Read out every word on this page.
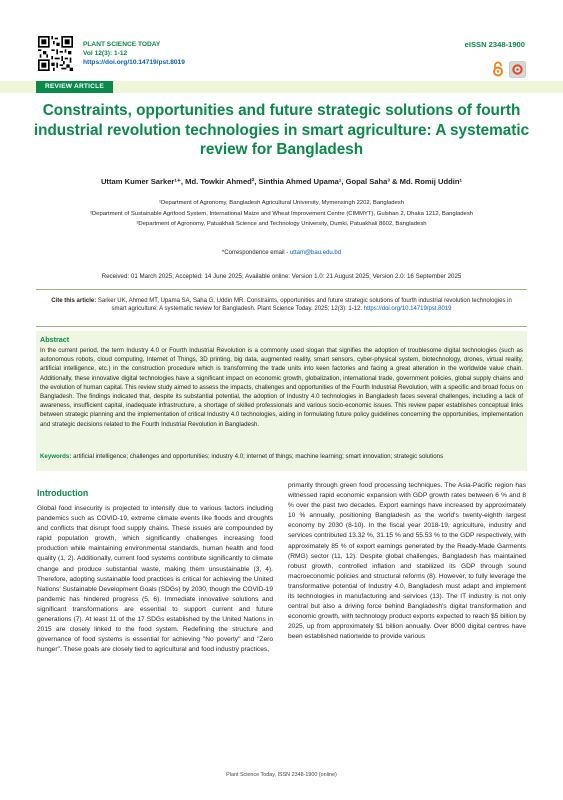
PLANT SCIENCE TODAY
Vol 12(3): 1-12
https://doi.org/10.14719/pst.8019
eISSN 2348-1900
REVIEW ARTICLE
Constraints, opportunities and future strategic solutions of fourth industrial revolution technologies in smart agriculture: A systematic review for Bangladesh
Uttam Kumer Sarker¹⁺, Md. Towkir Ahmed², Sinthia Ahmed Upama¹, Gopal Saha³ & Md. Romij Uddin¹
¹Department of Agronomy, Bangladesh Agricultural University, Mymensingh 2202, Bangladesh
²Department of Sustainable Agrifood System, International Maize and Wheat Improvement Centre (CIMMYT), Gulshan 2, Dhaka 1212, Bangladesh
³Department of Agronomy, Patuakhali Science and Technology University, Dumki, Patuakhali 8602, Bangladesh
*Correspondence email - uttam@bau.edu.bd
Received: 01 March 2025; Accepted: 14 June 2025; Available online: Version 1.0: 21 August 2025; Version 2.0: 16 September 2025
Cite this article: Sarker UK, Ahmed MT, Upama SA, Saha G, Uddin MR. Constraints, opportunities and future strategic solutions of fourth industrial revolution technologies in smart agriculture: A systematic review for Bangladesh. Plant Science Today. 2025; 12(3): 1-12. https://doi.org/10.14719/pst.8019
Abstract
In the current period, the term Industry 4.0 or Fourth Industrial Revolution is a commonly used slogan that signifies the adoption of troublesome digital technologies (such as autonomous robots, cloud computing, Internet of Things, 3D printing, big data, augmented reality, smart sensors, cyber-physical system, biotechnology, drones, virtual reality, artificial intelligence, etc.) in the construction procedure which is transforming the trade units into keen factories and facing a great alteration in the worldwide value chain. Additionally, these innovative digital technologies have a significant impact on economic growth, globalization, international trade, government policies, global supply chains and the evolution of human capital. This review study aimed to assess the impacts, challenges and opportunities of the Fourth Industrial Revolution, with a specific and broad focus on Bangladesh. The findings indicated that, despite its substantial potential, the adoption of Industry 4.0 technologies in Bangladesh faces several challenges, including a lack of awareness, insufficient capital, inadequate infrastructure, a shortage of skilled professionals and various socio-economic issues. This review paper establishes conceptual links between strategic planning and the implementation of critical Industry 4.0 technologies, aiding in formulating future policy guidelines concerning the opportunities, implementation and strategic decisions related to the Fourth Industrial Revolution in Bangladesh.
Keywords: artificial intelligence; challenges and opportunities; industry 4.0; internet of things; machine learning; smart innovation; strategic solutions
Introduction
Global food insecurity is projected to intensify due to various factors including pandemics such as COVID-19, extreme climate events like floods and droughts and conflicts that disrupt food supply chains. These issues are compounded by rapid population growth, which significantly challenges increasing food production while maintaining environmental standards, human health and food quality (1, 2). Additionally, current food systems contribute significantly to climate change and produce substantial waste, making them unsustainable (3, 4). Therefore, adopting sustainable food practices is critical for achieving the United Nations' Sustainable Development Goals (SDGs) by 2030, though the COVID-19 pandemic has hindered progress (5, 6). Immediate innovative solutions and significant transformations are essential to support current and future generations (7). At least 11 of the 17 SDGs established by the United Nations in 2015 are closely linked to the food system. Redefining the structure and governance of food systems is essential for achieving "No poverty" and "Zero hunger". These goals are closely tied to agricultural and food industry practices,
primarily through green food processing techniques. The Asia-Pacific region has witnessed rapid economic expansion with GDP growth rates between 6 % and 8 % over the past two decades. Export earnings have increased by approximately 10 % annually, positioning Bangladesh as the world's twenty-eighth largest economy by 2030 (8-10). In the fiscal year 2018-19, agriculture, industry and services contributed 13.32 %, 31.15 % and 55.53 % to the GDP respectively, with approximately 85 % of export earnings generated by the Ready-Made Garments (RMG) sector (11, 12). Despite global challenges, Bangladesh has maintained robust growth, controlled inflation and stabilized its GDP through sound macroeconomic policies and structural reforms (8). However, to fully leverage the transformative potential of Industry 4.0, Bangladesh must adapt and implement its technologies in manufacturing and services (13). The IT industry is not only central but also a driving force behind Bangladesh's digital transformation and economic growth, with technology product exports expected to reach $5 billion by 2025, up from approximately $1 billion annually. Over 8000 digital centres have been established nationwide to provide various
Plant Science Today, ISSN 2348-1900 (online)
